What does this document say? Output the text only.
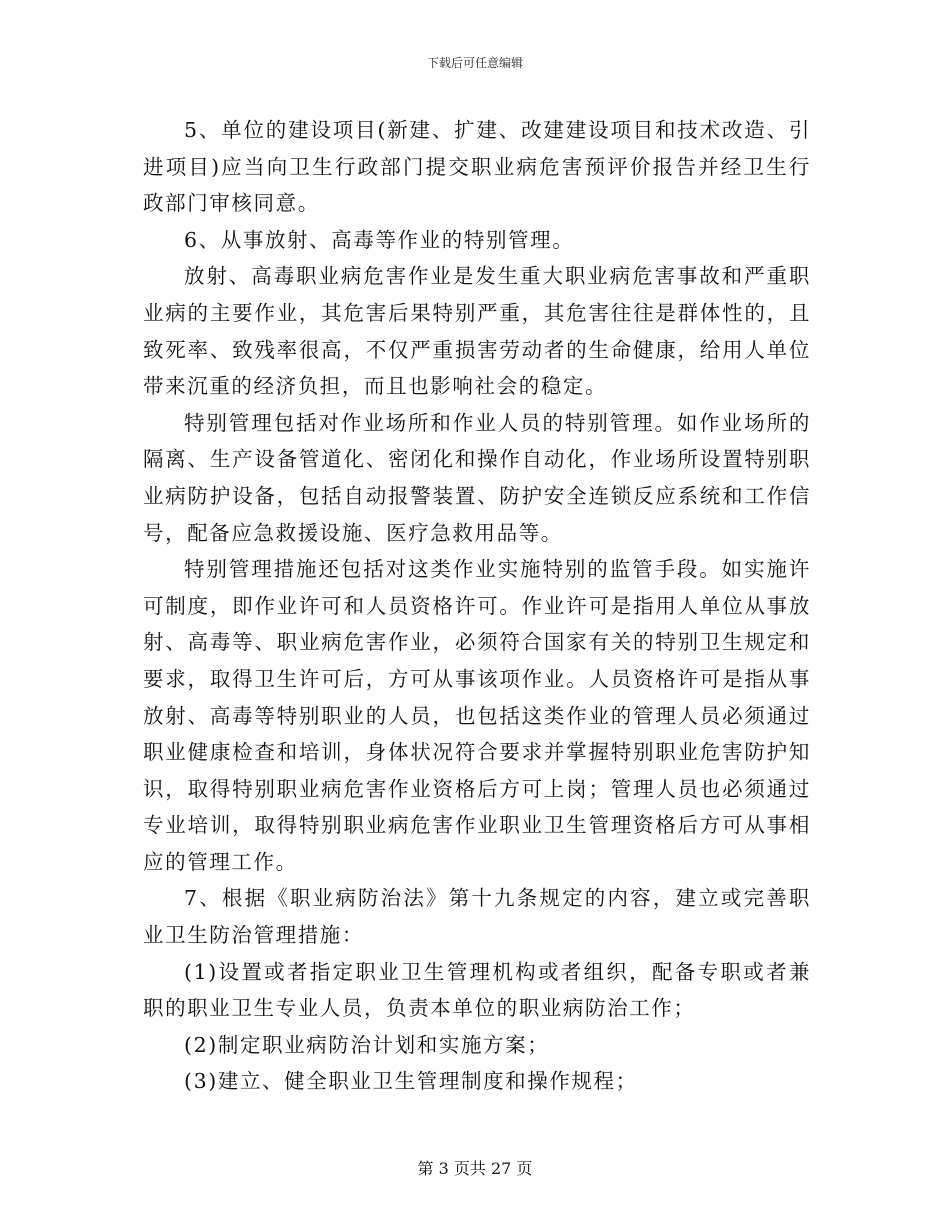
下载后可任意编辑

5、单位的建设项目(新建、扩建、改建建设项目和技术改造、引进项目)应当向卫生行政部门提交职业病危害预评价报告并经卫生行政部门审核同意。

6、从事放射、高毒等作业的特别管理。

放射、高毒职业病危害作业是发生重大职业病危害事故和严重职业病的主要作业，其危害后果特别严重，其危害往往是群体性的，且致死率、致残率很高，不仅严重损害劳动者的生命健康，给用人单位带来沉重的经济负担，而且也影响社会的稳定。

特别管理包括对作业场所和作业人员的特别管理。如作业场所的隔离、生产设备管道化、密闭化和操作自动化，作业场所设置特别职业病防护设备，包括自动报警装置、防护安全连锁反应系统和工作信号，配备应急救援设施、医疗急救用品等。

特别管理措施还包括对这类作业实施特别的监管手段。如实施许可制度，即作业许可和人员资格许可。作业许可是指用人单位从事放射、高毒等、职业病危害作业，必须符合国家有关的特别卫生规定和要求，取得卫生许可后，方可从事该项作业。人员资格许可是指从事放射、高毒等特别职业的人员，也包括这类作业的管理人员必须通过职业健康检查和培训，身体状况符合要求并掌握特别职业危害防护知识，取得特别职业病危害作业资格后方可上岗；管理人员也必须通过专业培训，取得特别职业病危害作业职业卫生管理资格后方可从事相应的管理工作。

7、根据《职业病防治法》第十九条规定的内容，建立或完善职业卫生防治管理措施：

(1)设置或者指定职业卫生管理机构或者组织，配备专职或者兼职的职业卫生专业人员，负责本单位的职业病防治工作；

(2)制定职业病防治计划和实施方案；

(3)建立、健全职业卫生管理制度和操作规程；

第 3 页共 27 页
